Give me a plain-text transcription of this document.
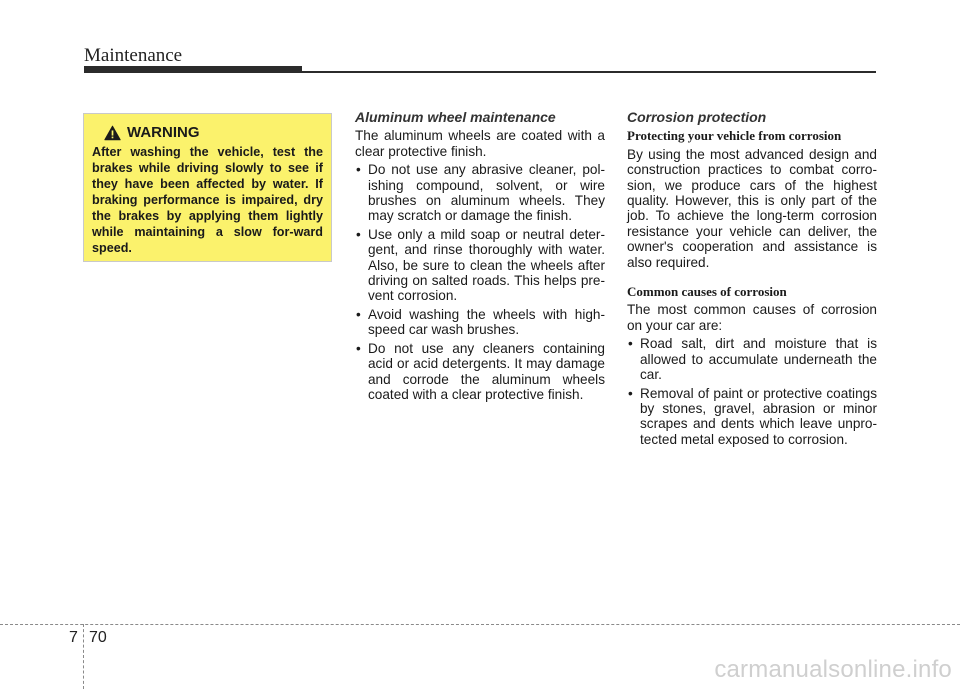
Maintenance
WARNING
After washing the vehicle, test the brakes while driving slowly to see if they have been affected by water. If braking performance is impaired, dry the brakes by applying them lightly while maintaining a slow for-ward speed.
Aluminum wheel maintenance

The aluminum wheels are coated with a clear protective finish.

• Do not use any abrasive cleaner, pol-ishing compound, solvent, or wire brushes on aluminum wheels. They may scratch or damage the finish.
• Use only a mild soap or neutral deter-gent, and rinse thoroughly with water. Also, be sure to clean the wheels after driving on salted roads. This helps pre-vent corrosion.
• Avoid washing the wheels with high-speed car wash brushes.
• Do not use any cleaners containing acid or acid detergents. It may damage and corrode the aluminum wheels coated with a clear protective finish.
Corrosion protection
Protecting your vehicle from corrosion

By using the most advanced design and construction practices to combat corro-sion, we produce cars of the highest quality. However, this is only part of the job. To achieve the long-term corrosion resistance your vehicle can deliver, the owner's cooperation and assistance is also required.

Common causes of corrosion

The most common causes of corrosion on your car are:

• Road salt, dirt and moisture that is allowed to accumulate underneath the car.
• Removal of paint or protective coatings by stones, gravel, abrasion or minor scrapes and dents which leave unpro-tected metal exposed to corrosion.
7 70
carmanualsonline.info
